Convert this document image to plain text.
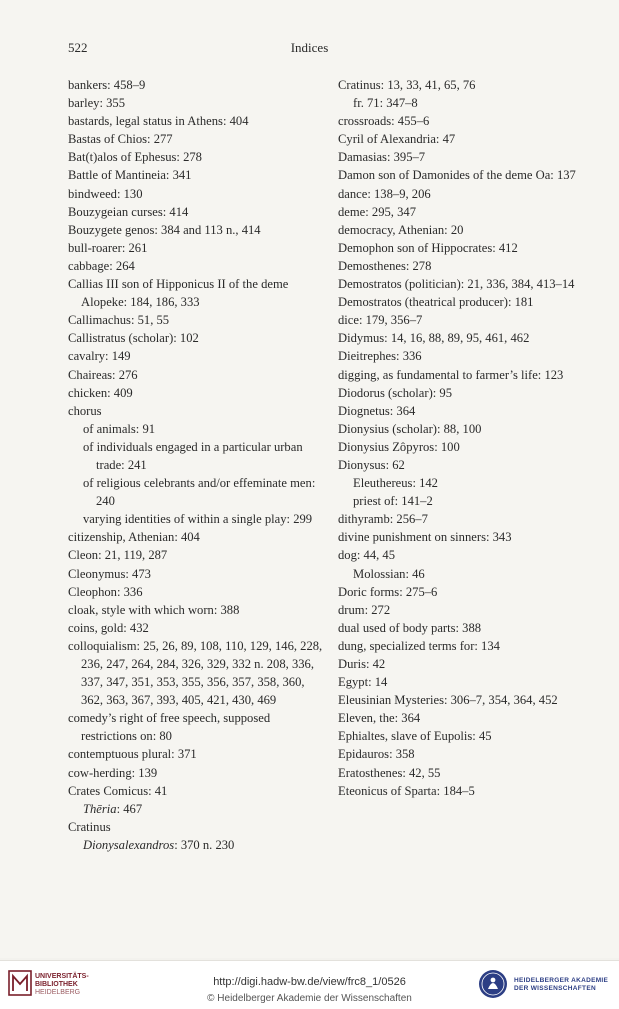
522	Indices
bankers: 458–9
barley: 355
bastards, legal status in Athens: 404
Bastas of Chios: 277
Bat(t)alos of Ephesus: 278
Battle of Mantineia: 341
bindweed: 130
Bouzygeian curses: 414
Bouzygete genos: 384 and 113 n., 414
bull-roarer: 261
cabbage: 264
Callias III son of Hipponicus II of the deme Alopeke: 184, 186, 333
Callimachus: 51, 55
Callistratus (scholar): 102
cavalry: 149
Chaireas: 276
chicken: 409
chorus
of animals: 91
of individuals engaged in a particular urban trade: 241
of religious celebrants and/or effeminate men: 240
varying identities of within a single play: 299
citizenship, Athenian: 404
Cleon: 21, 119, 287
Cleonymus: 473
Cleophon: 336
cloak, style with which worn: 388
coins, gold: 432
colloquialism: 25, 26, 89, 108, 110, 129, 146, 228, 236, 247, 264, 284, 326, 329, 332 n. 208, 336, 337, 347, 351, 353, 355, 356, 357, 358, 360, 362, 363, 367, 393, 405, 421, 430, 469
comedy’s right of free speech, supposed restrictions on: 80
contemptuous plural: 371
cow-herding: 139
Crates Comicus: 41
Thēria: 467
Cratinus
Dionysalexandros: 370 n. 230
Cratinus: 13, 33, 41, 65, 76
fr. 71: 347–8
crossroads: 455–6
Cyril of Alexandria: 47
Damasias: 395–7
Damon son of Damonides of the deme Oa: 137
dance: 138–9, 206
deme: 295, 347
democracy, Athenian: 20
Demophon son of Hippocrates: 412
Demosthenes: 278
Demostratos (politician): 21, 336, 384, 413–14
Demostratos (theatrical producer): 181
dice: 179, 356–7
Didymus: 14, 16, 88, 89, 95, 461, 462
Dieitrephes: 336
digging, as fundamental to farmer’s life: 123
Diodorus (scholar): 95
Diognetus: 364
Dionysius (scholar): 88, 100
Dionysius Zôpyros: 100
Dionysus: 62
Eleuthereus: 142
priest of: 141–2
dithyramb: 256–7
divine punishment on sinners: 343
dog: 44, 45
Molossian: 46
Doric forms: 275–6
drum: 272
dual used of body parts: 388
dung, specialized terms for: 134
Duris: 42
Egypt: 14
Eleusinian Mysteries: 306–7, 354, 364, 452
Eleven, the: 364
Ephialtes, slave of Eupolis: 45
Epidauros: 358
Eratosthenes: 42, 55
Eteonicus of Sparta: 184–5
UNIVERSITÄTS-
BIBLIOTHEK
HEIDELBERG
http://digi.hadw-bw.de/view/frc8_1/0526
© Heidelberger Akademie der Wissenschaften
HEIDELBERGER AKADEMIE
DER WISSENSCHAFTEN
